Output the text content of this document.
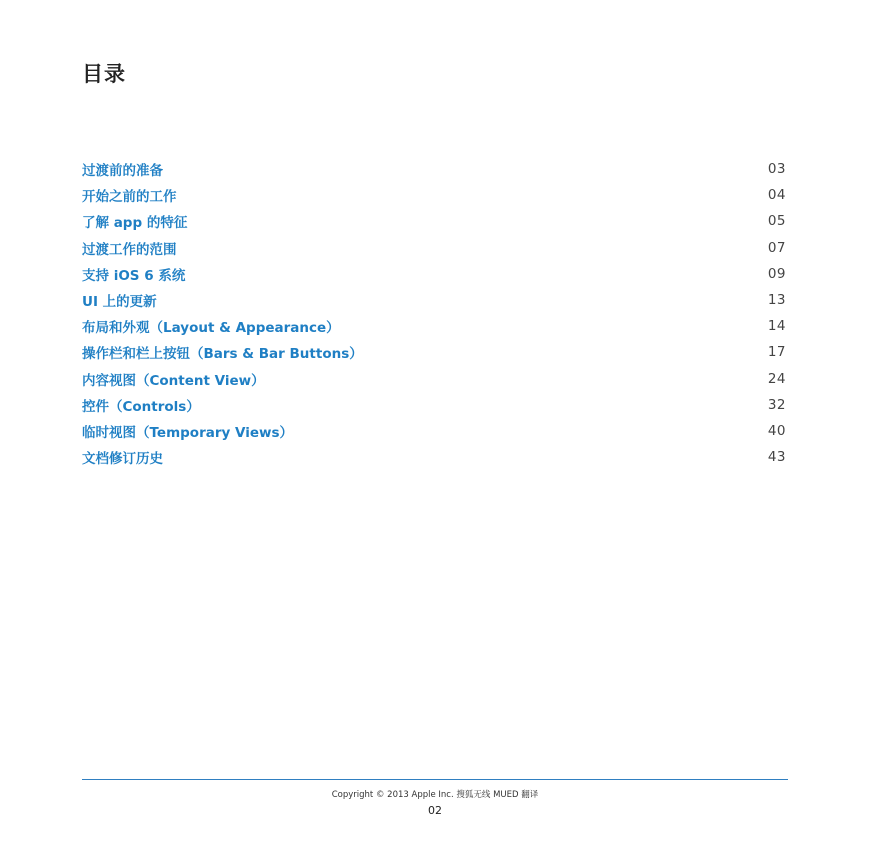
目录
过渡前的准备	03
开始之前的工作	04
了解 app 的特征	05
过渡工作的范围	07
支持 iOS 6 系统	09
UI 上的更新	13
布局和外观（Layout & Appearance）	14
操作栏和栏上按钮（Bars & Bar Buttons）	17
内容视图（Content View）	24
控件（Controls）	32
临时视图（Temporary Views）	40
文档修订历史	43
Copyright © 2013 Apple Inc. 搜狐无线 MUED 翻译
02
